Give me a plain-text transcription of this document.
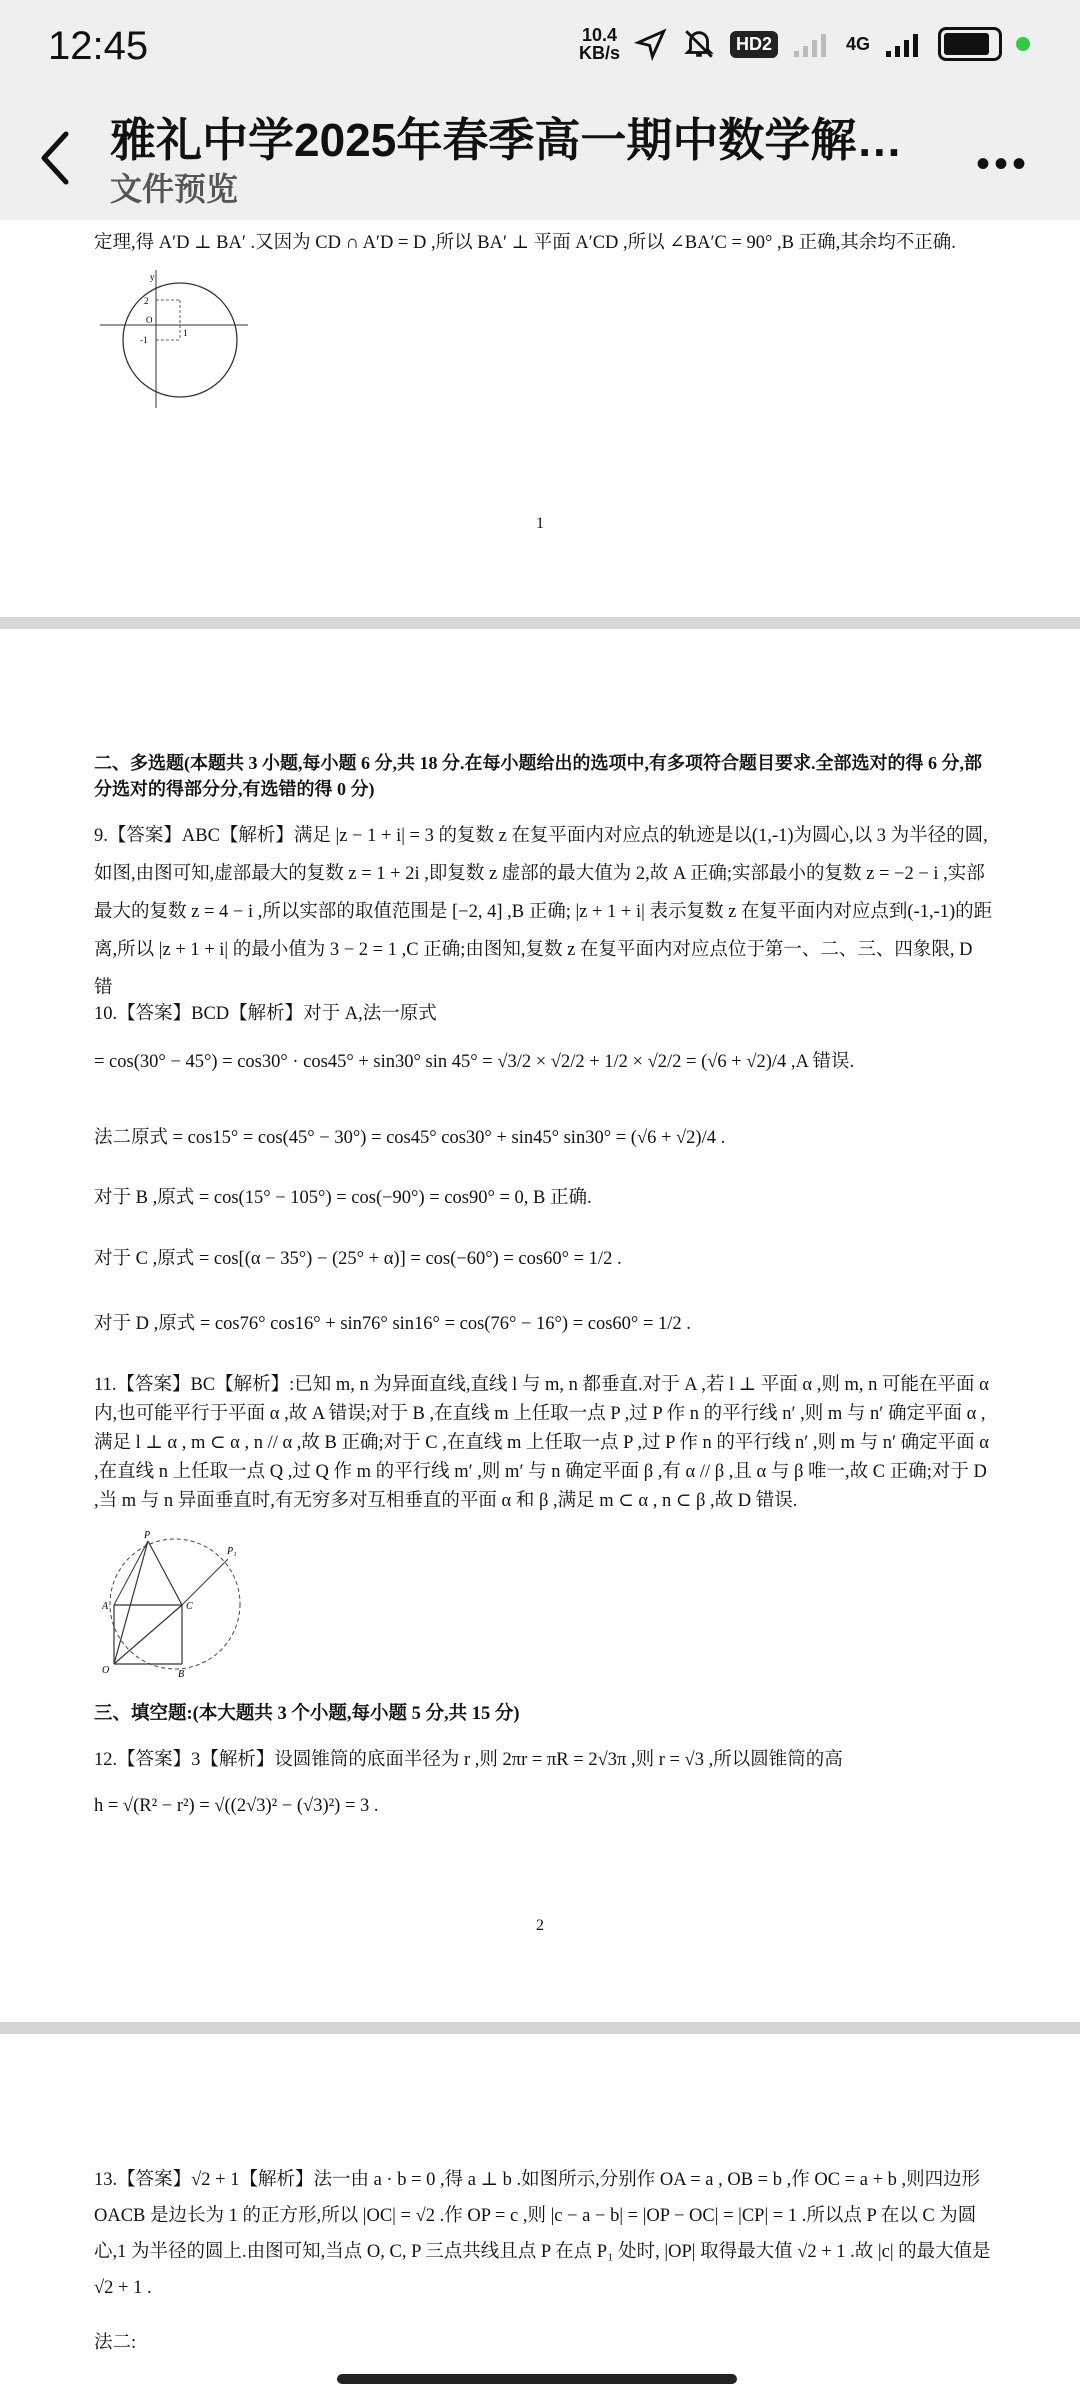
12:45	10.4
KB/s	HD2	4G
雅礼中学2025年春季高一期中数学解…
文件预览
•••
定理,得 A′D ⊥ BA′ .又因为 CD ∩ A′D = D ,所以 BA′ ⊥ 平面 A′CD ,所以 ∠BA′C = 90° ,B 正确,其余均不正确.
y
2
O
-1
1
1
二、多选题(本题共 3 小题,每小题 6 分,共 18 分.在每小题给出的选项中,有多项符合题目要求.全部选对的得 6 分,部分选对的得部分分,有选错的得 0 分)
9.【答案】ABC【解析】满足 |z − 1 + i| = 3 的复数 z 在复平面内对应点的轨迹是以(1,-1)为圆心,以 3 为半径的圆,如图,由图可知,虚部最大的复数 z = 1 + 2i ,即复数 z 虚部的最大值为 2,故 A 正确;实部最小的复数 z = −2 − i ,实部最大的复数 z = 4 − i ,所以实部的取值范围是 [−2, 4] ,B 正确; |z + 1 + i| 表示复数 z 在复平面内对应点到(-1,-1)的距离,所以 |z + 1 + i| 的最小值为 3 − 2 = 1 ,C 正确;由图知,复数 z 在复平面内对应点位于第一、二、三、四象限, D 错
10.【答案】BCD【解析】对于 A,法一原式
= cos(30° − 45°) = cos30° · cos45° + sin30° sin 45° = √3/2 × √2/2 + 1/2 × √2/2 = (√6 + √2)/4 ,A 错误.
法二原式 = cos15° = cos(45° − 30°) = cos45° cos30° + sin45° sin30° = (√6 + √2)/4 .
对于 B ,原式 = cos(15° − 105°) = cos(−90°) = cos90° = 0, B 正确.
对于 C ,原式 = cos[(α − 35°) − (25° + α)] = cos(−60°) = cos60° = 1/2 .
对于 D ,原式 = cos76° cos16° + sin76° sin16° = cos(76° − 16°) = cos60° = 1/2 .
11.【答案】BC【解析】:已知 m, n 为异面直线,直线 l 与 m, n 都垂直.对于 A ,若 l ⊥ 平面 α ,则 m, n 可能在平面 α 内,也可能平行于平面 α ,故 A 错误;对于 B ,在直线 m 上任取一点 P ,过 P 作 n 的平行线 n′ ,则 m 与 n′ 确定平面 α ,满足 l ⊥ α , m ⊂ α , n // α ,故 B 正确;对于 C ,在直线 m 上任取一点 P ,过 P 作 n 的平行线 n′ ,则 m 与 n′ 确定平面 α ,在直线 n 上任取一点 Q ,过 Q 作 m 的平行线 m′ ,则 m′ 与 n 确定平面 β ,有 α // β ,且 α 与 β 唯一,故 C 正确;对于 D ,当 m 与 n 异面垂直时,有无穷多对互相垂直的平面 α 和 β ,满足 m ⊂ α , n ⊂ β ,故 D 错误.
P
P₁
A	C
O	B
三、填空题:(本大题共 3 个小题,每小题 5 分,共 15 分)
12.【答案】3【解析】设圆锥筒的底面半径为 r ,则 2πr = πR = 2√3π ,则 r = √3 ,所以圆锥筒的高
h = √(R² − r²) = √((2√3)² − (√3)²) = 3 .
2
13.【答案】√2 + 1【解析】法一由 a · b = 0 ,得 a ⊥ b .如图所示,分别作 OA = a , OB = b ,作 OC = a + b ,则四边形 OACB 是边长为 1 的正方形,所以 |OC| = √2 .作 OP = c ,则 |c − a − b| = |OP − OC| = |CP| = 1 .所以点 P 在以 C 为圆心,1 为半径的圆上.由图可知,当点 O, C, P 三点共线且点 P 在点 P₁ 处时, |OP| 取得最大值 √2 + 1 .故 |c| 的最大值是 √2 + 1 .
法二:
